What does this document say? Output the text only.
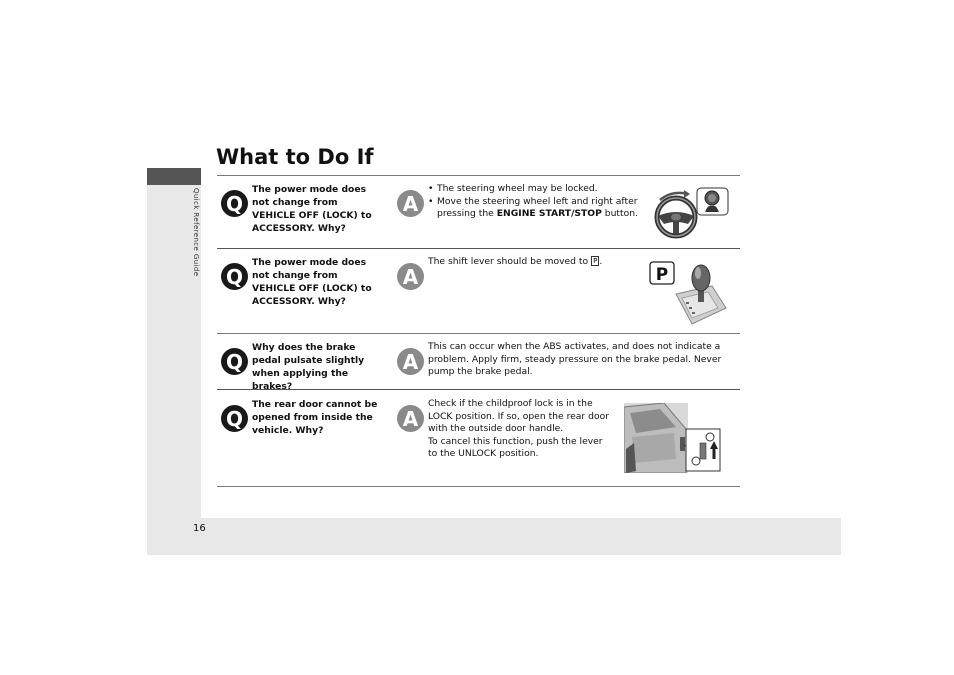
Quick Reference Guide
16
What to Do If
Q
The power mode does not change from VEHICLE OFF (LOCK) to ACCESSORY. Why?
A
• The steering wheel may be locked.
• Move the steering wheel left and right after pressing the ENGINE START/STOP button.
Q
The power mode does not change from VEHICLE OFF (LOCK) to ACCESSORY. Why?
A
The shift lever should be moved to P .
P
Q
Why does the brake pedal pulsate slightly when applying the brakes?
A
This can occur when the ABS activates, and does not indicate a problem. Apply firm, steady pressure on the brake pedal. Never pump the brake pedal.
Q
The rear door cannot be opened from inside the vehicle. Why?	A
Check if the childproof lock is in the LOCK position. If so, open the rear door with the outside door handle.
To cancel this function, push the lever to the UNLOCK position.
